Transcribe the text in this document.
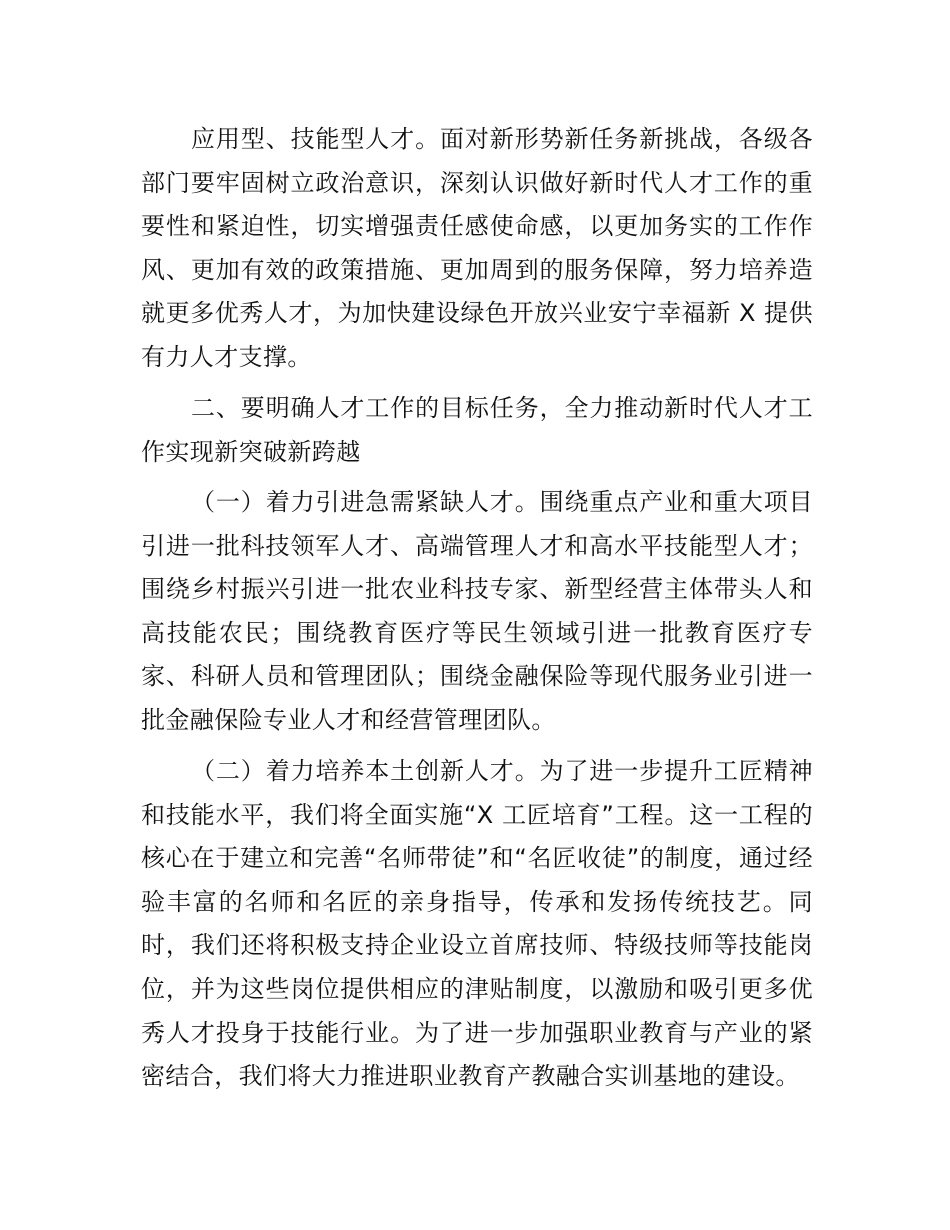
应用型、技能型人才。面对新形势新任务新挑战，各级各部门要牢固树立政治意识，深刻认识做好新时代人才工作的重要性和紧迫性，切实增强责任感使命感，以更加务实的工作作风、更加有效的政策措施、更加周到的服务保障，努力培养造就更多优秀人才，为加快建设绿色开放兴业安宁幸福新 X 提供有力人才支撑。

二、要明确人才工作的目标任务，全力推动新时代人才工作实现新突破新跨越

（一）着力引进急需紧缺人才。围绕重点产业和重大项目引进一批科技领军人才、高端管理人才和高水平技能型人才；围绕乡村振兴引进一批农业科技专家、新型经营主体带头人和高技能农民；围绕教育医疗等民生领域引进一批教育医疗专家、科研人员和管理团队；围绕金融保险等现代服务业引进一批金融保险专业人才和经营管理团队。

（二）着力培养本土创新人才。为了进一步提升工匠精神和技能水平，我们将全面实施“X 工匠培育”工程。这一工程的核心在于建立和完善“名师带徒”和“名匠收徒”的制度，通过经验丰富的名师和名匠的亲身指导，传承和发扬传统技艺。同时，我们还将积极支持企业设立首席技师、特级技师等技能岗位，并为这些岗位提供相应的津贴制度，以激励和吸引更多优秀人才投身于技能行业。为了进一步加强职业教育与产业的紧密结合，我们将大力推进职业教育产教融合实训基地的建设。
